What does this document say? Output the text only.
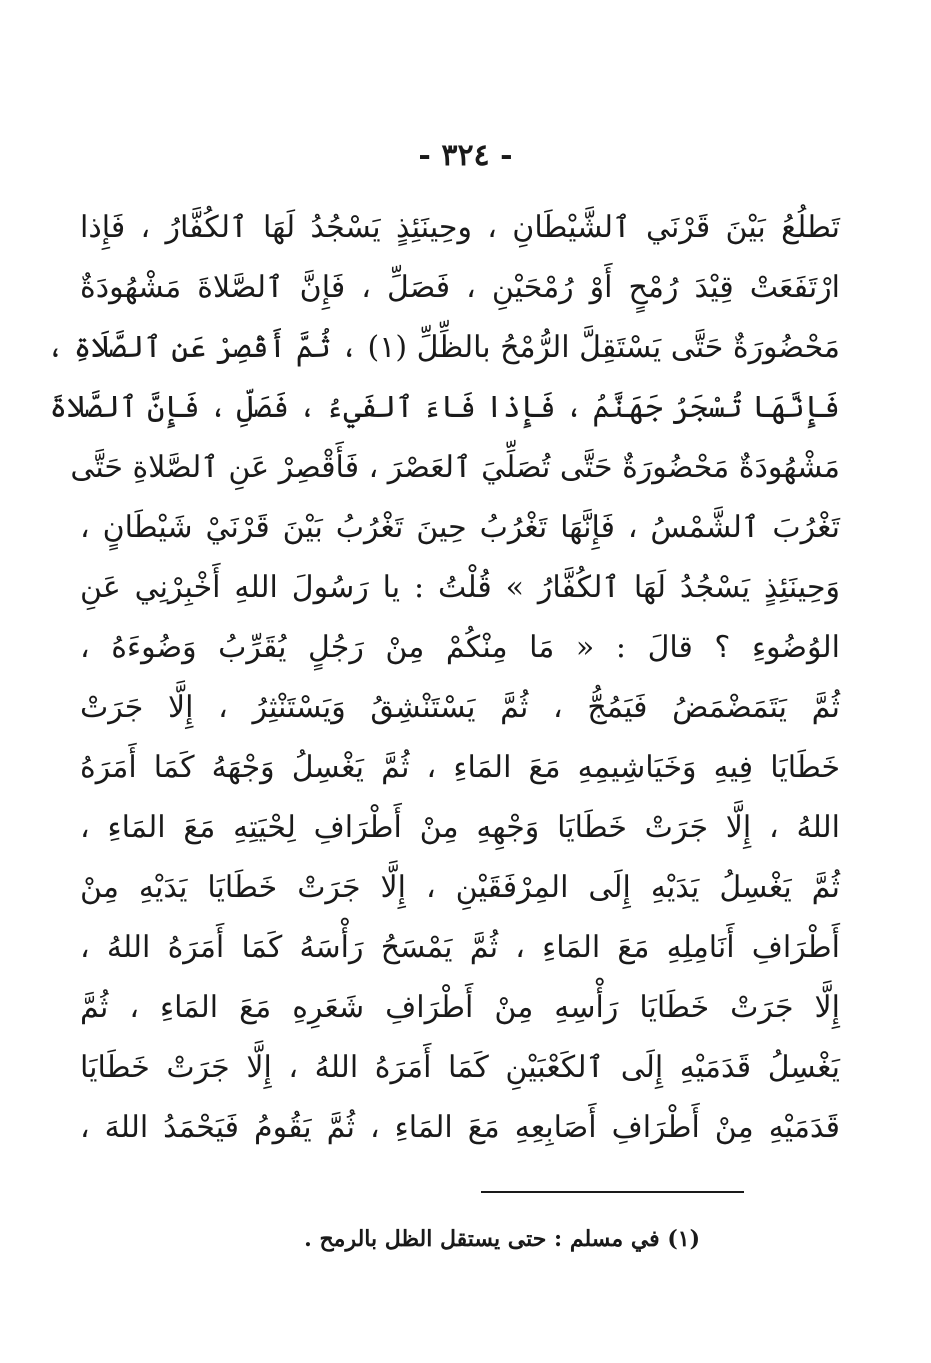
- ٣٢٤ -
تَطلُعُ بَيْنَ قَرْنَي ٱلشَّيْطَانِ ، وحِينَئِذٍ يَسْجُدُ لَهَا ٱلكُفَّارُ ، فَإِذا
ارْتَفَعَتْ قِيْدَ رُمْحٍ أَوْ رُمْحَيْنِ ، فَصَلِّ ، فَإِنَّ ٱلصَّلاةَ مَشْهُودَةٌ
مَحْضُورَةٌ حَتَّى يَسْتَقِلَّ الرُّمْحُ بالظِّلِّ (١) ، ثُمَّ أَقْصِرْ عَنِ ٱلصَّلَاةِ ،
فَإِنَّهَا تُسْجَرُ جَهَنَّمُ ، فَإِذا فَاءَ ٱلفَيءُ ، فَصَلِّ ، فَإِنَّ ٱلصَّلاةَ
مَشْهُودَةٌ مَحْضُورَةٌ حَتَّى تُصَلِّيَ ٱلعَصْرَ ، فَأَقْصِرْ عَنِ ٱلصَّلاةِ حَتَّى
تَغْرُبَ ٱلشَّمْسُ ، فَإِنَّهَا تَغْرُبُ حِينَ تَغْرُبُ بَيْنَ قَرْنَيْ شَيْطَانٍ ،
وَحِينَئِذٍ يَسْجُدُ لَهَا ٱلكُفَّارُ » قُلْتُ : يا رَسُولَ اللهِ أَخْبِرْنِي عَنِ
الوُضُوءِ ؟ قالَ : « مَا مِنْكُمْ مِنْ رَجُلٍ يُقَرِّبُ وَضُوءَهُ ،
ثُمَّ يَتَمَضْمَضُ فَيَمُجُّ ، ثُمَّ يَسْتَنْشِقُ وَيَسْتَنْثِرُ ، إِلَّا جَرَتْ
خَطَايَا فِيهِ وَخَيَاشِيمِهِ مَعَ المَاءِ ، ثُمَّ يَغْسِلُ وَجْهَهُ كَمَا أَمَرَهُ
اللهُ ، إِلَّا جَرَتْ خَطَايَا وَجْهِهِ مِنْ أَطْرَافِ لِحْيَتِهِ مَعَ المَاءِ ،
ثُمَّ يَغْسِلُ يَدَيْهِ إِلَى المِرْفَقَيْنِ ، إِلَّا جَرَتْ خَطَايَا يَدَيْهِ مِنْ
أَطْرَافِ أَنَامِلِهِ مَعَ المَاءِ ، ثُمَّ يَمْسَحُ رَأْسَهُ كَمَا أَمَرَهُ اللهُ ،
إِلَّا جَرَتْ خَطَايَا رَأْسِهِ مِنْ أَطْرَافِ شَعَرِهِ مَعَ المَاءِ ، ثُمَّ
يَغْسِلُ قَدَمَيْهِ إِلَى ٱلكَعْبَيْنِ كَمَا أَمَرَهُ اللهُ ، إِلَّا جَرَتْ خَطَايَا
قَدَمَيْهِ مِنْ أَطْرَافِ أَصَابِعِهِ مَعَ المَاءِ ، ثُمَّ يَقُومُ فَيَحْمَدُ اللهَ ،
(١) في مسلم : حتى يستقل الظل بالرمح .
